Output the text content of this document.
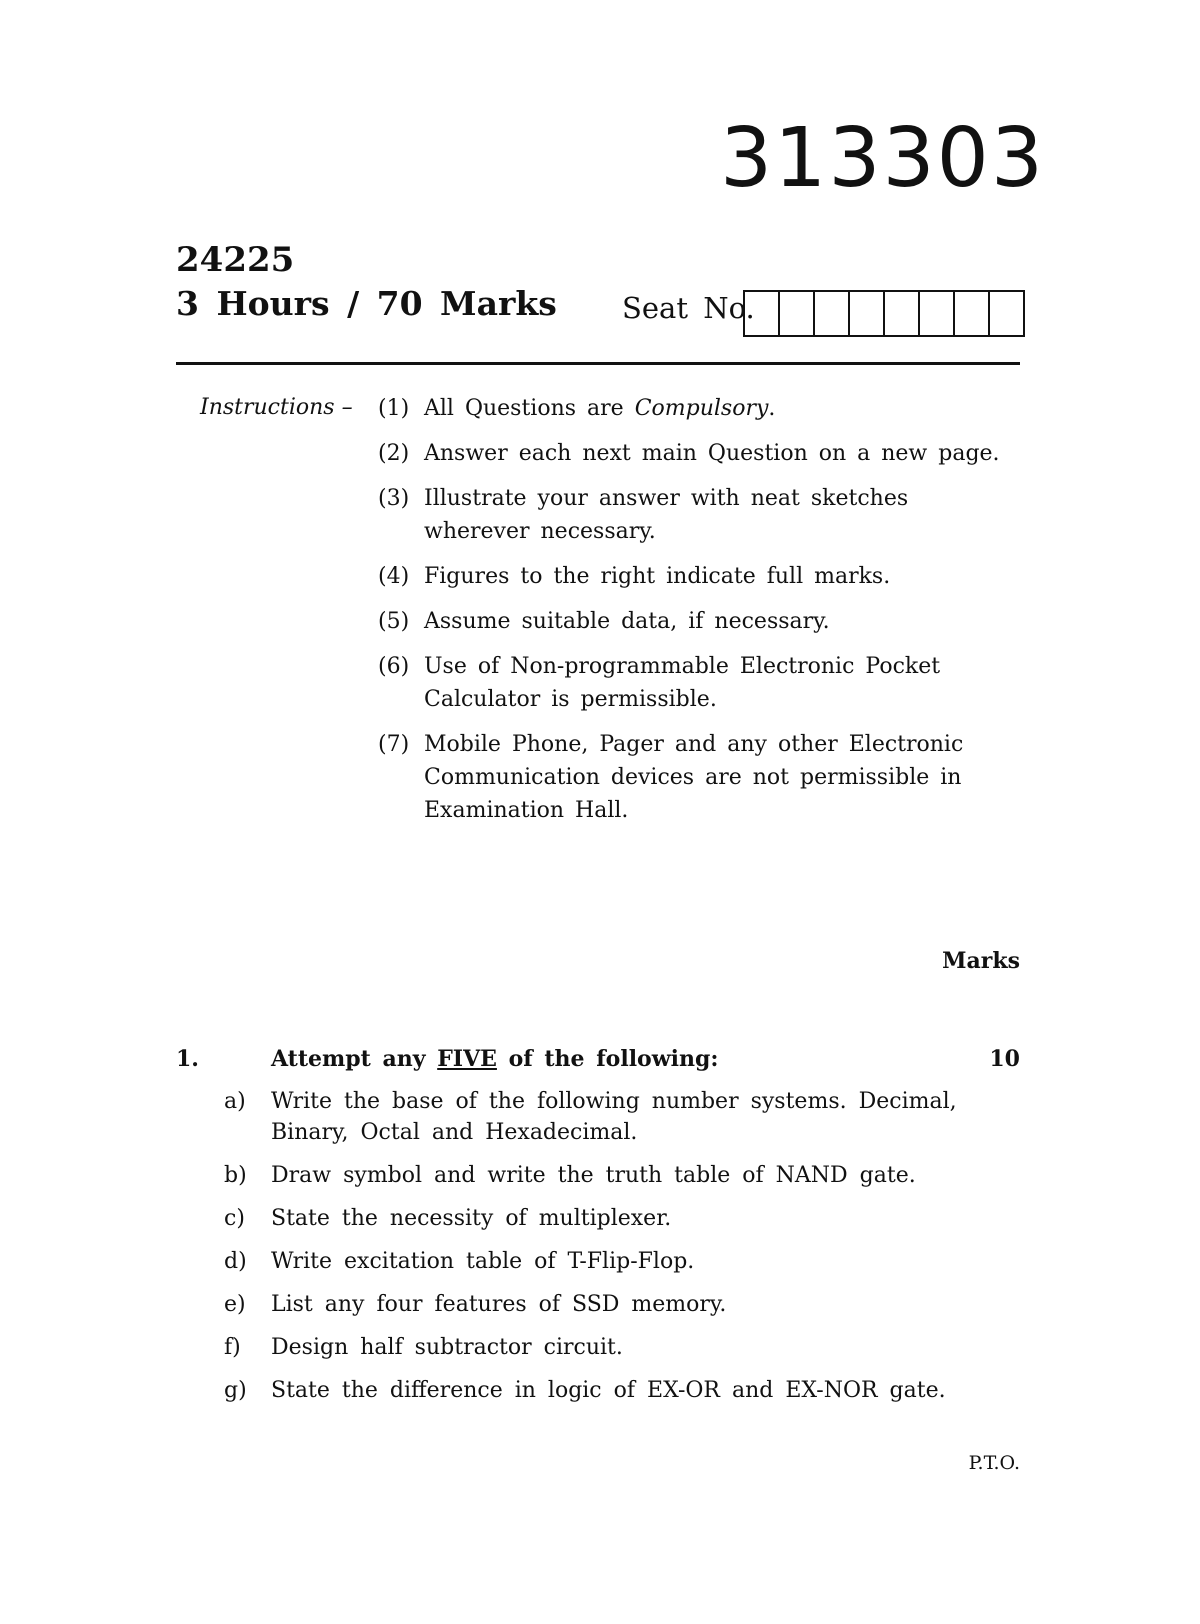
313303
24225
3 Hours / 70 Marks Seat No.
Instructions – (1) All Questions are Compulsory.
(2) Answer each next main Question on a new page.
(3) Illustrate your answer with neat sketches wherever necessary.
(4) Figures to the right indicate full marks.
(5) Assume suitable data, if necessary.
(6) Use of Non-programmable Electronic Pocket Calculator is permissible.
(7) Mobile Phone, Pager and any other Electronic Communication devices are not permissible in Examination Hall.
Marks
1.	Attempt any FIVE of the following:	10
a)	Write the base of the following number systems. Decimal, Binary, Octal and Hexadecimal.
b)	Draw symbol and write the truth table of NAND gate.
c)	State the necessity of multiplexer.
d)	Write excitation table of T-Flip-Flop.
e)	List any four features of SSD memory.
f)	Design half subtractor circuit.
g)	State the difference in logic of EX-OR and EX-NOR gate.
P.T.O.
